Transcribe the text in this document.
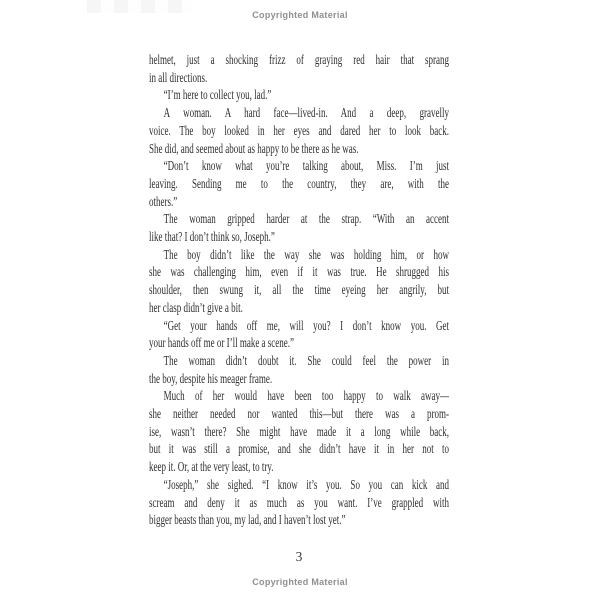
Copyrighted Material
helmet, just a shocking frizz of graying red hair that sprang
in all directions.
“I’m here to collect you, lad.”
A woman. A hard face—lived-in. And a deep, gravelly
voice. The boy looked in her eyes and dared her to look back.
She did, and seemed about as happy to be there as he was.
“Don’t know what you’re talking about, Miss. I’m just
leaving. Sending me to the country, they are, with the
others.”
The woman gripped harder at the strap. “With an accent
like that? I don’t think so, Joseph.”
The boy didn’t like the way she was holding him, or how
she was challenging him, even if it was true. He shrugged his
shoulder, then swung it, all the time eyeing her angrily, but
her clasp didn’t give a bit.
“Get your hands off me, will you? I don’t know you. Get
your hands off me or I’ll make a scene.”
The woman didn’t doubt it. She could feel the power in
the boy, despite his meager frame.
Much of her would have been too happy to walk away—
she neither needed nor wanted this—but there was a prom-
ise, wasn’t there? She might have made it a long while back,
but it was still a promise, and she didn’t have it in her not to
keep it. Or, at the very least, to try.
“Joseph,” she sighed. “I know it’s you. So you can kick and
scream and deny it as much as you want. I’ve grappled with
bigger beasts than you, my lad, and I haven’t lost yet.”
3
Copyrighted Material
